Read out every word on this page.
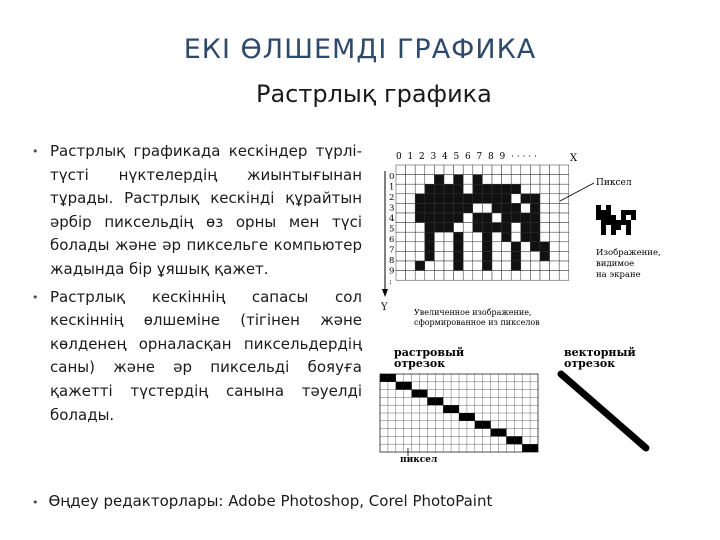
ЕКІ ӨЛШЕМДІ ГРАФИКА
Растрлық графика
• Растрлық графикада кескіндер түрлі-түсті нүктелердің жиынтығынан тұрады. Растрлық кескінді құрайтын әрбір пиксельдің өз орны мен түсі болады және әр пиксельге компьютер жадында бір ұяшық қажет.
• Растрлық кескіннің сапасы сол кескіннің өлшеміне (тігінен және көлденең орналасқан пиксельдердің саны) және әр пиксельді бояуға қажетті түстердің санына тәуелді болады.
• Өңдеу редакторлары: Adobe Photoshop, Corel PhotoPaint
0 1 2 3 4 5 6 7 8 9 · · · · ·	X
0
1
2
3
4
5
6
7
8
9
:
Y
Пиксел
Изображение,
видимое
на экране
Увеличенное изображение,
сформированное из пикселов
растровый
отрезок
пиксел
векторный
отрезок
